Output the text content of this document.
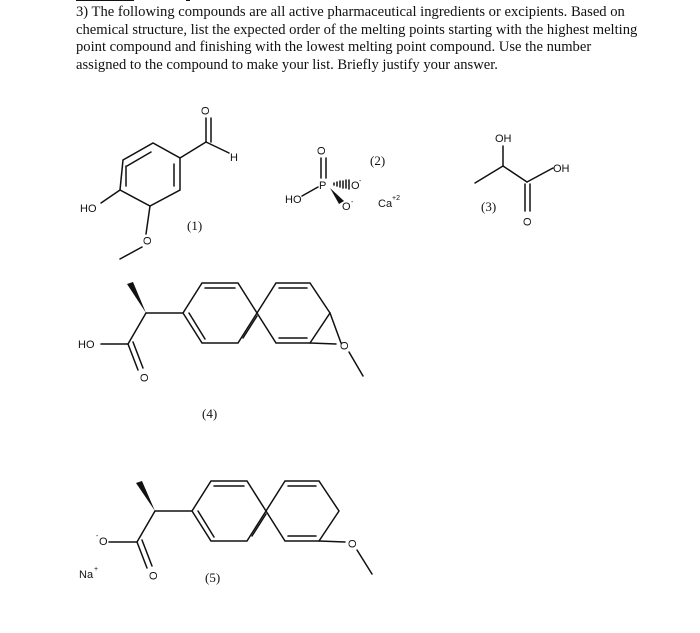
3) The following compounds are all active pharmaceutical ingredients or excipients. Based on
chemical structure, list the expected order of the melting points starting with the highest melting
point compound and finishing with the lowest melting point compound. Use the number
assigned to the compound to make your list. Briefly justify your answer.
O
H
HO
O
(1)
O
P O -
O -
HO	Ca +2
(2)
OH
OH
O
(3)
O
HO
O
(4)
O
- O
O
Na +
(5)
